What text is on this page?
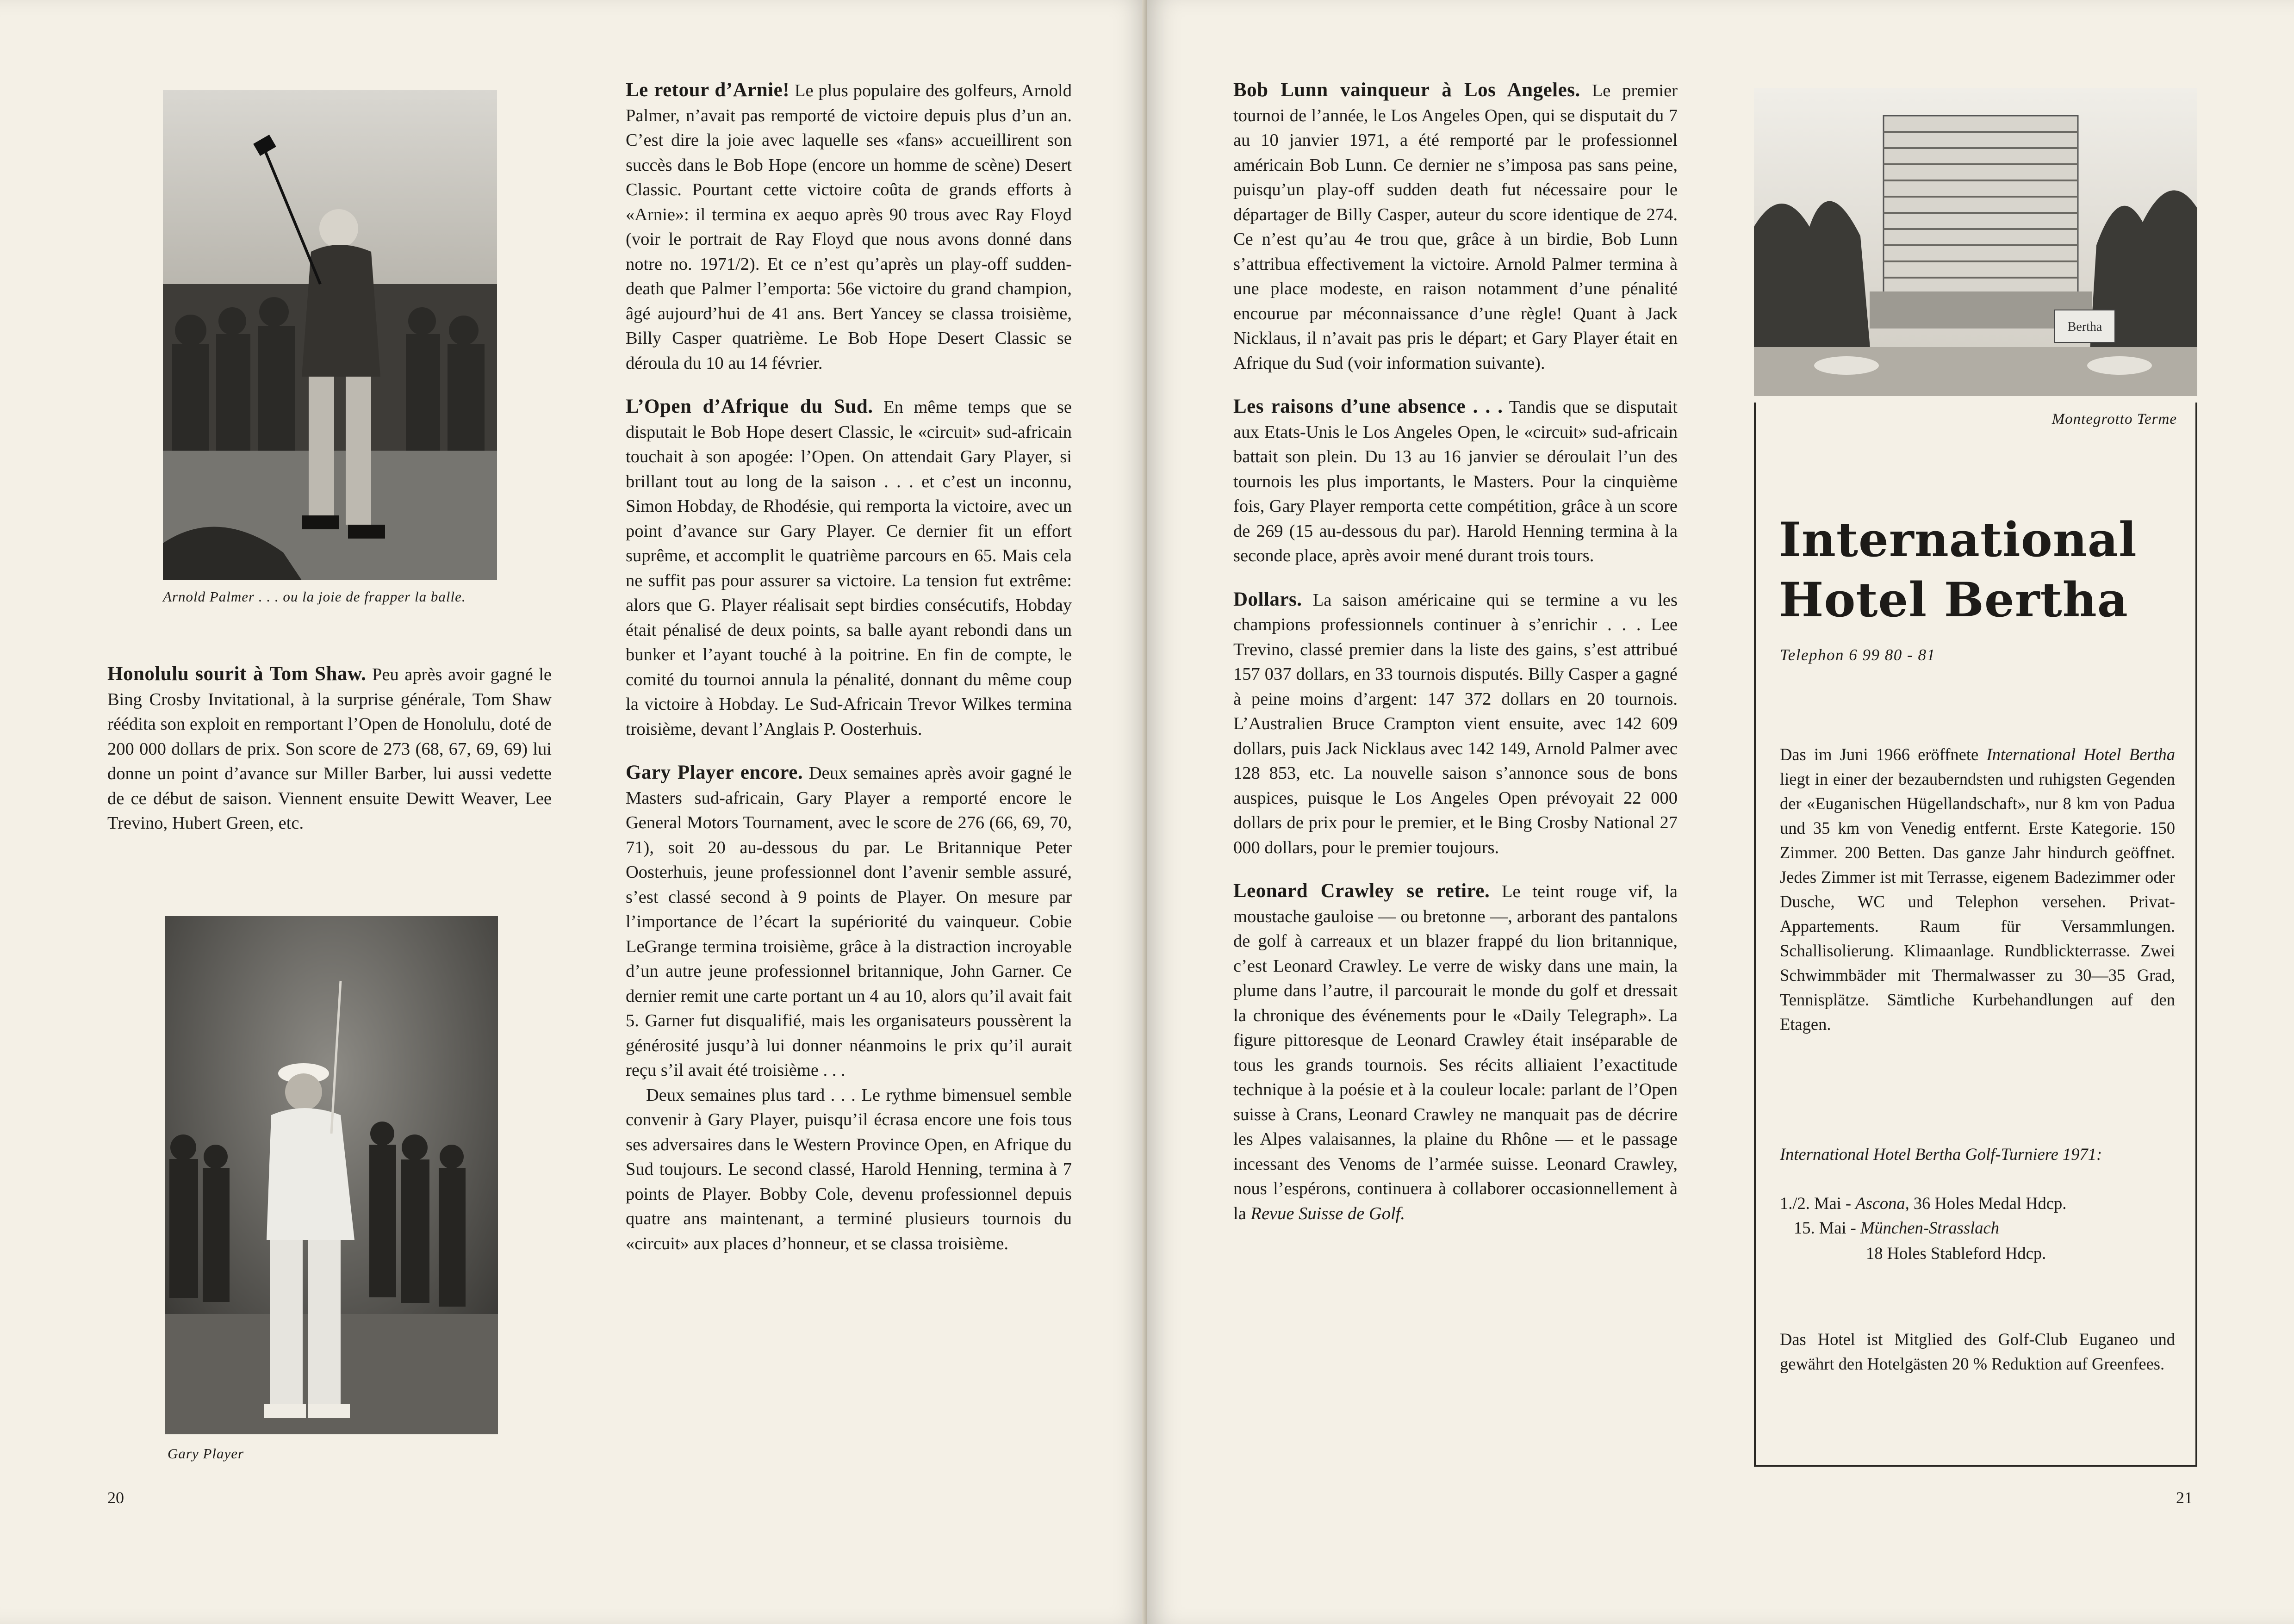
Arnold Palmer . . . ou la joie de frapper la balle.

Honolulu sourit à Tom Shaw. Peu après avoir gagné le Bing Crosby Invitational, à la surprise générale, Tom Shaw réédita son exploit en remportant l’Open de Honolulu, doté de 200 000 dollars de prix. Son score de 273 (68, 67, 69, 69) lui donne un point d’avance sur Miller Barber, lui aussi vedette de ce début de saison. Viennent ensuite Dewitt Weaver, Lee Trevino, Hubert Green, etc.

Gary Player

Le retour d’Arnie! Le plus populaire des golfeurs, Arnold Palmer, n’avait pas remporté de victoire depuis plus d’un an. C’est dire la joie avec laquelle ses «fans» accueillirent son succès dans le Bob Hope (encore un homme de scène) Desert Classic. Pourtant cette victoire coûta de grands efforts à «Arnie»: il termina ex aequo après 90 trous avec Ray Floyd (voir le portrait de Ray Floyd que nous avons donné dans notre no. 1971/2). Et ce n’est qu’après un play-off sudden-death que Palmer l’emporta: 56e victoire du grand champion, âgé aujourd’hui de 41 ans. Bert Yancey se classa troisième, Billy Casper quatrième. Le Bob Hope Desert Classic se déroula du 10 au 14 février.

L’Open d’Afrique du Sud. En même temps que se disputait le Bob Hope desert Classic, le «circuit» sud-africain touchait à son apogée: l’Open. On attendait Gary Player, si brillant tout au long de la saison . . . et c’est un inconnu, Simon Hobday, de Rhodésie, qui remporta la victoire, avec un point d’avance sur Gary Player. Ce dernier fit un effort suprême, et accomplit le quatrième parcours en 65. Mais cela ne suffit pas pour assurer sa victoire. La tension fut extrême: alors que G. Player réalisait sept birdies consécutifs, Hobday était pénalisé de deux points, sa balle ayant rebondi dans un bunker et l’ayant touché à la poitrine. En fin de compte, le comité du tournoi annula la pénalité, donnant du même coup la victoire à Hobday. Le Sud-Africain Trevor Wilkes termina troisième, devant l’Anglais P. Oosterhuis.

Gary Player encore. Deux semaines après avoir gagné le Masters sud-africain, Gary Player a remporté encore le General Motors Tournament, avec le score de 276 (66, 69, 70, 71), soit 20 au-dessous du par. Le Britannique Peter Oosterhuis, jeune professionnel dont l’avenir semble assuré, s’est classé second à 9 points de Player. On mesure par l’importance de l’écart la supériorité du vainqueur. Cobie LeGrange termina troisième, grâce à la distraction incroyable d’un autre jeune professionnel britannique, John Garner. Ce dernier remit une carte portant un 4 au 10, alors qu’il avait fait 5. Garner fut disqualifié, mais les organisateurs poussèrent la générosité jusqu’à lui donner néanmoins le prix qu’il aurait reçu s’il avait été troisième . . .

Deux semaines plus tard . . . Le rythme bimensuel semble convenir à Gary Player, puisqu’il écrasa encore une fois tous ses adversaires dans le Western Province Open, en Afrique du Sud toujours. Le second classé, Harold Henning, termina à 7 points de Player. Bobby Cole, devenu professionnel depuis quatre ans maintenant, a terminé plusieurs tournois du «circuit» aux places d’honneur, et se classa troisième.

20	21

Bob Lunn vainqueur à Los Angeles. Le premier tournoi de l’année, le Los Angeles Open, qui se disputait du 7 au 10 janvier 1971, a été remporté par le professionnel américain Bob Lunn. Ce dernier ne s’imposa pas sans peine, puisqu’un play-off sudden death fut nécessaire pour le départager de Billy Casper, auteur du score identique de 274. Ce n’est qu’au 4e trou que, grâce à un birdie, Bob Lunn s’attribua effectivement la victoire. Arnold Palmer termina à une place modeste, en raison notamment d’une pénalité encourue par méconnaissance d’une règle! Quant à Jack Nicklaus, il n’avait pas pris le départ; et Gary Player était en Afrique du Sud (voir information suivante).

Les raisons d’une absence . . . Tandis que se disputait aux Etats-Unis le Los Angeles Open, le «circuit» sud-africain battait son plein. Du 13 au 16 janvier se déroulait l’un des tournois les plus importants, le Masters. Pour la cinquième fois, Gary Player remporta cette compétition, grâce à un score de 269 (15 au-dessous du par). Harold Henning termina à la seconde place, après avoir mené durant trois tours.

Dollars. La saison américaine qui se termine a vu les champions professionnels continuer à s’enrichir . . . Lee Trevino, classé premier dans la liste des gains, s’est attribué 157 037 dollars, en 33 tournois disputés. Billy Casper a gagné à peine moins d’argent: 147 372 dollars en 20 tournois. L’Australien Bruce Crampton vient ensuite, avec 142 609 dollars, puis Jack Nicklaus avec 142 149, Arnold Palmer avec 128 853, etc. La nouvelle saison s’annonce sous de bons auspices, puisque le Los Angeles Open prévoyait 22 000 dollars de prix pour le premier, et le Bing Crosby National 27 000 dollars, pour le premier toujours.

Leonard Crawley se retire. Le teint rouge vif, la moustache gauloise — ou bretonne —, arborant des pantalons de golf à carreaux et un blazer frappé du lion britannique, c’est Leonard Crawley. Le verre de wisky dans une main, la plume dans l’autre, il parcourait le monde du golf et dressait la chronique des événements pour le «Daily Telegraph». La figure pittoresque de Leonard Crawley était inséparable de tous les grands tournois. Ses récits alliaient l’exactitude technique à la poésie et à la couleur locale: parlant de l’Open suisse à Crans, Leonard Crawley ne manquait pas de décrire les Alpes valaisannes, la plaine du Rhône — et le passage incessant des Venoms de l’armée suisse. Leonard Crawley, nous l’espérons, continuera à collaborer occasionnellement à la Revue Suisse de Golf.

Bertha
Montegrotto Terme
International
Hotel Bertha
Telephon 6 99 80 - 81
Das im Juni 1966 eröffnete International Hotel Bertha liegt in einer der bezauberndsten und ruhigsten Gegenden der «Euganischen Hügellandschaft», nur 8 km von Padua und 35 km von Venedig entfernt. Erste Kategorie. 150 Zimmer. 200 Betten. Das ganze Jahr hindurch geöffnet. Jedes Zimmer ist mit Terrasse, eigenem Badezimmer oder Dusche, WC und Telephon versehen. Privat-Appartements. Raum für Versammlungen. Schallisolierung. Klimaanlage. Rundblickterrasse. Zwei Schwimmbäder mit Thermalwasser zu 30—35 Grad, Tennisplätze. Sämtliche Kurbehandlungen auf den Etagen.
International Hotel Bertha Golf-Turniere 1971:
1./2. Mai - Ascona, 36 Holes Medal Hdcp.
15. Mai - München-Strasslach
18 Holes Stableford Hdcp.
Das Hotel ist Mitglied des Golf-Club Euganeo und gewährt den Hotelgästen 20 % Reduktion auf Greenfees.
